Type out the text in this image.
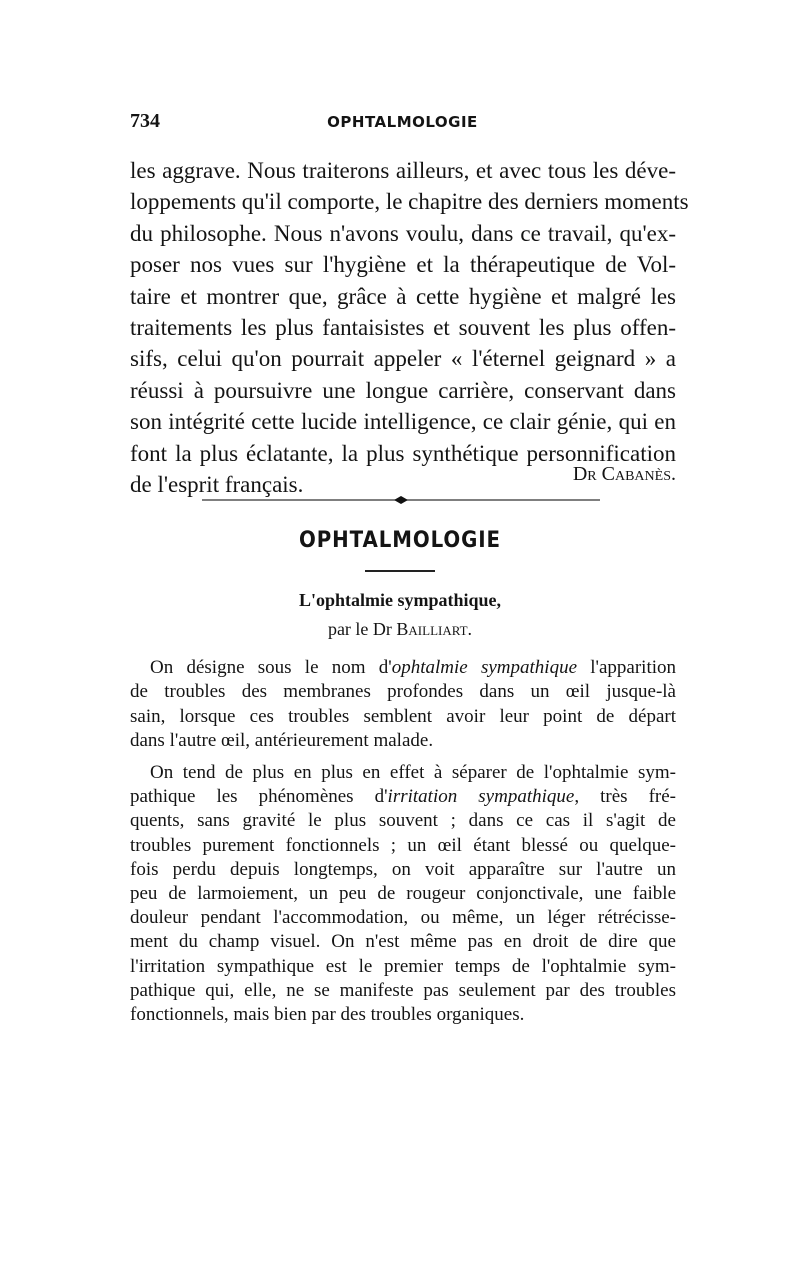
734	OPHTALMOLOGIE
les aggrave. Nous traiterons ailleurs, et avec tous les déve-
loppements qu'il comporte, le chapitre des derniers moments
du philosophe. Nous n'avons voulu, dans ce travail, qu'ex-
poser nos vues sur l'hygiène et la thérapeutique de Vol-
taire et montrer que, grâce à cette hygiène et malgré les
traitements les plus fantaisistes et souvent les plus offen-
sifs, celui qu'on pourrait appeler « l'éternel geignard » a
réussi à poursuivre une longue carrière, conservant dans
son intégrité cette lucide intelligence, ce clair génie, qui en
font la plus éclatante, la plus synthétique personnification
de l'esprit français.	Dr Cabanès.
OPHTALMOLOGIE
L'ophtalmie sympathique,
par le Dr Bailliart.
On désigne sous le nom d'ophtalmie sympathique l'apparition
de troubles des membranes profondes dans un œil jusque-là
sain, lorsque ces troubles semblent avoir leur point de départ
dans l'autre œil, antérieurement malade.
On tend de plus en plus en effet à séparer de l'ophtalmie sym-
pathique les phénomènes d'irritation sympathique, très fré-
quents, sans gravité le plus souvent ; dans ce cas il s'agit de
troubles purement fonctionnels ; un œil étant blessé ou quelque-
fois perdu depuis longtemps, on voit apparaître sur l'autre un
peu de larmoiement, un peu de rougeur conjonctivale, une faible
douleur pendant l'accommodation, ou même, un léger rétrécisse-
ment du champ visuel. On n'est même pas en droit de dire que
l'irritation sympathique est le premier temps de l'ophtalmie sym-
pathique qui, elle, ne se manifeste pas seulement par des troubles
fonctionnels, mais bien par des troubles organiques.
